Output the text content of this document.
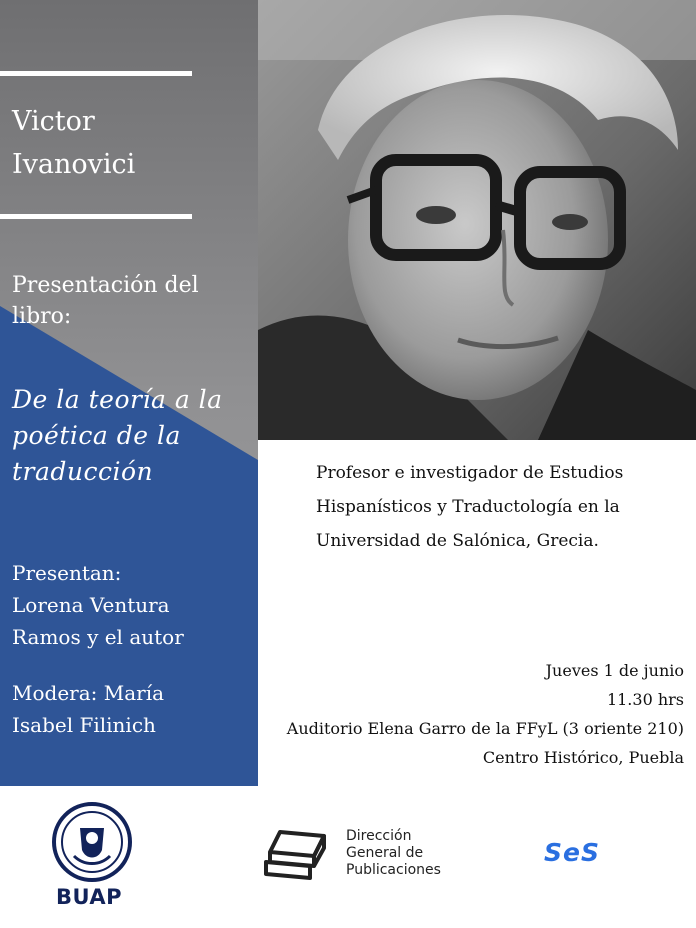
Victor
Ivanovici
Presentación del libro:
De la teoría a la
poética de la
traducción
Presentan:
Lorena Ventura
Ramos y el autor
Modera: María
Isabel Filinich
Profesor e investigador de Estudios
Hispanísticos y Traductología en la
Universidad de Salónica, Grecia.
Jueves 1 de junio
11.30 hrs
Auditorio Elena Garro de la FFyL (3 oriente 210)
Centro Histórico, Puebla
BUAP
Dirección
General de
Publicaciones
SeS
